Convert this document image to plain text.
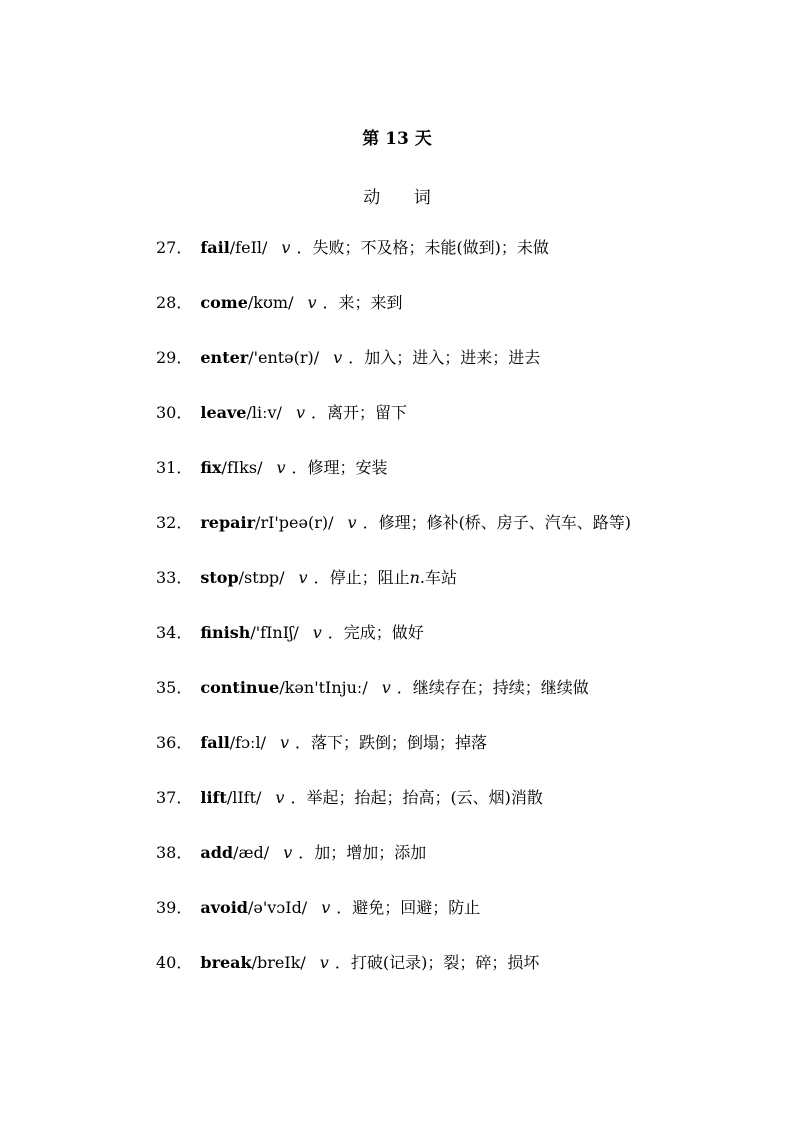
第 13 天
动 词
27． fail/feIl/ v ．失败；不及格；未能(做到)；未做
28． come/kʊm/ v ．来；来到
29． enter/'entə(r)/ v ．加入；进入；进来；进去
30． leave/liːv/ v ．离开；留下
31． fix/fIks/ v ．修理；安装
32． repair/rI'peə(r)/ v ．修理；修补(桥、房子、汽车、路等)
33． stop/stɒp/ v ．停止；阻止n.车站
34． finish/'fInIʃ/ v ．完成；做好
35． continue/kən'tInjuː/ v ．继续存在；持续；继续做
36． fall/fɔːl/ v ．落下；跌倒；倒塌；掉落
37． lift/lIft/ v ．举起；抬起；抬高；(云、烟)消散
38． add/æd/ v ．加；增加；添加
39． avoid/ə'vɔId/ v ．避免；回避；防止
40． break/breIk/ v ．打破(记录)；裂；碎；损坏
